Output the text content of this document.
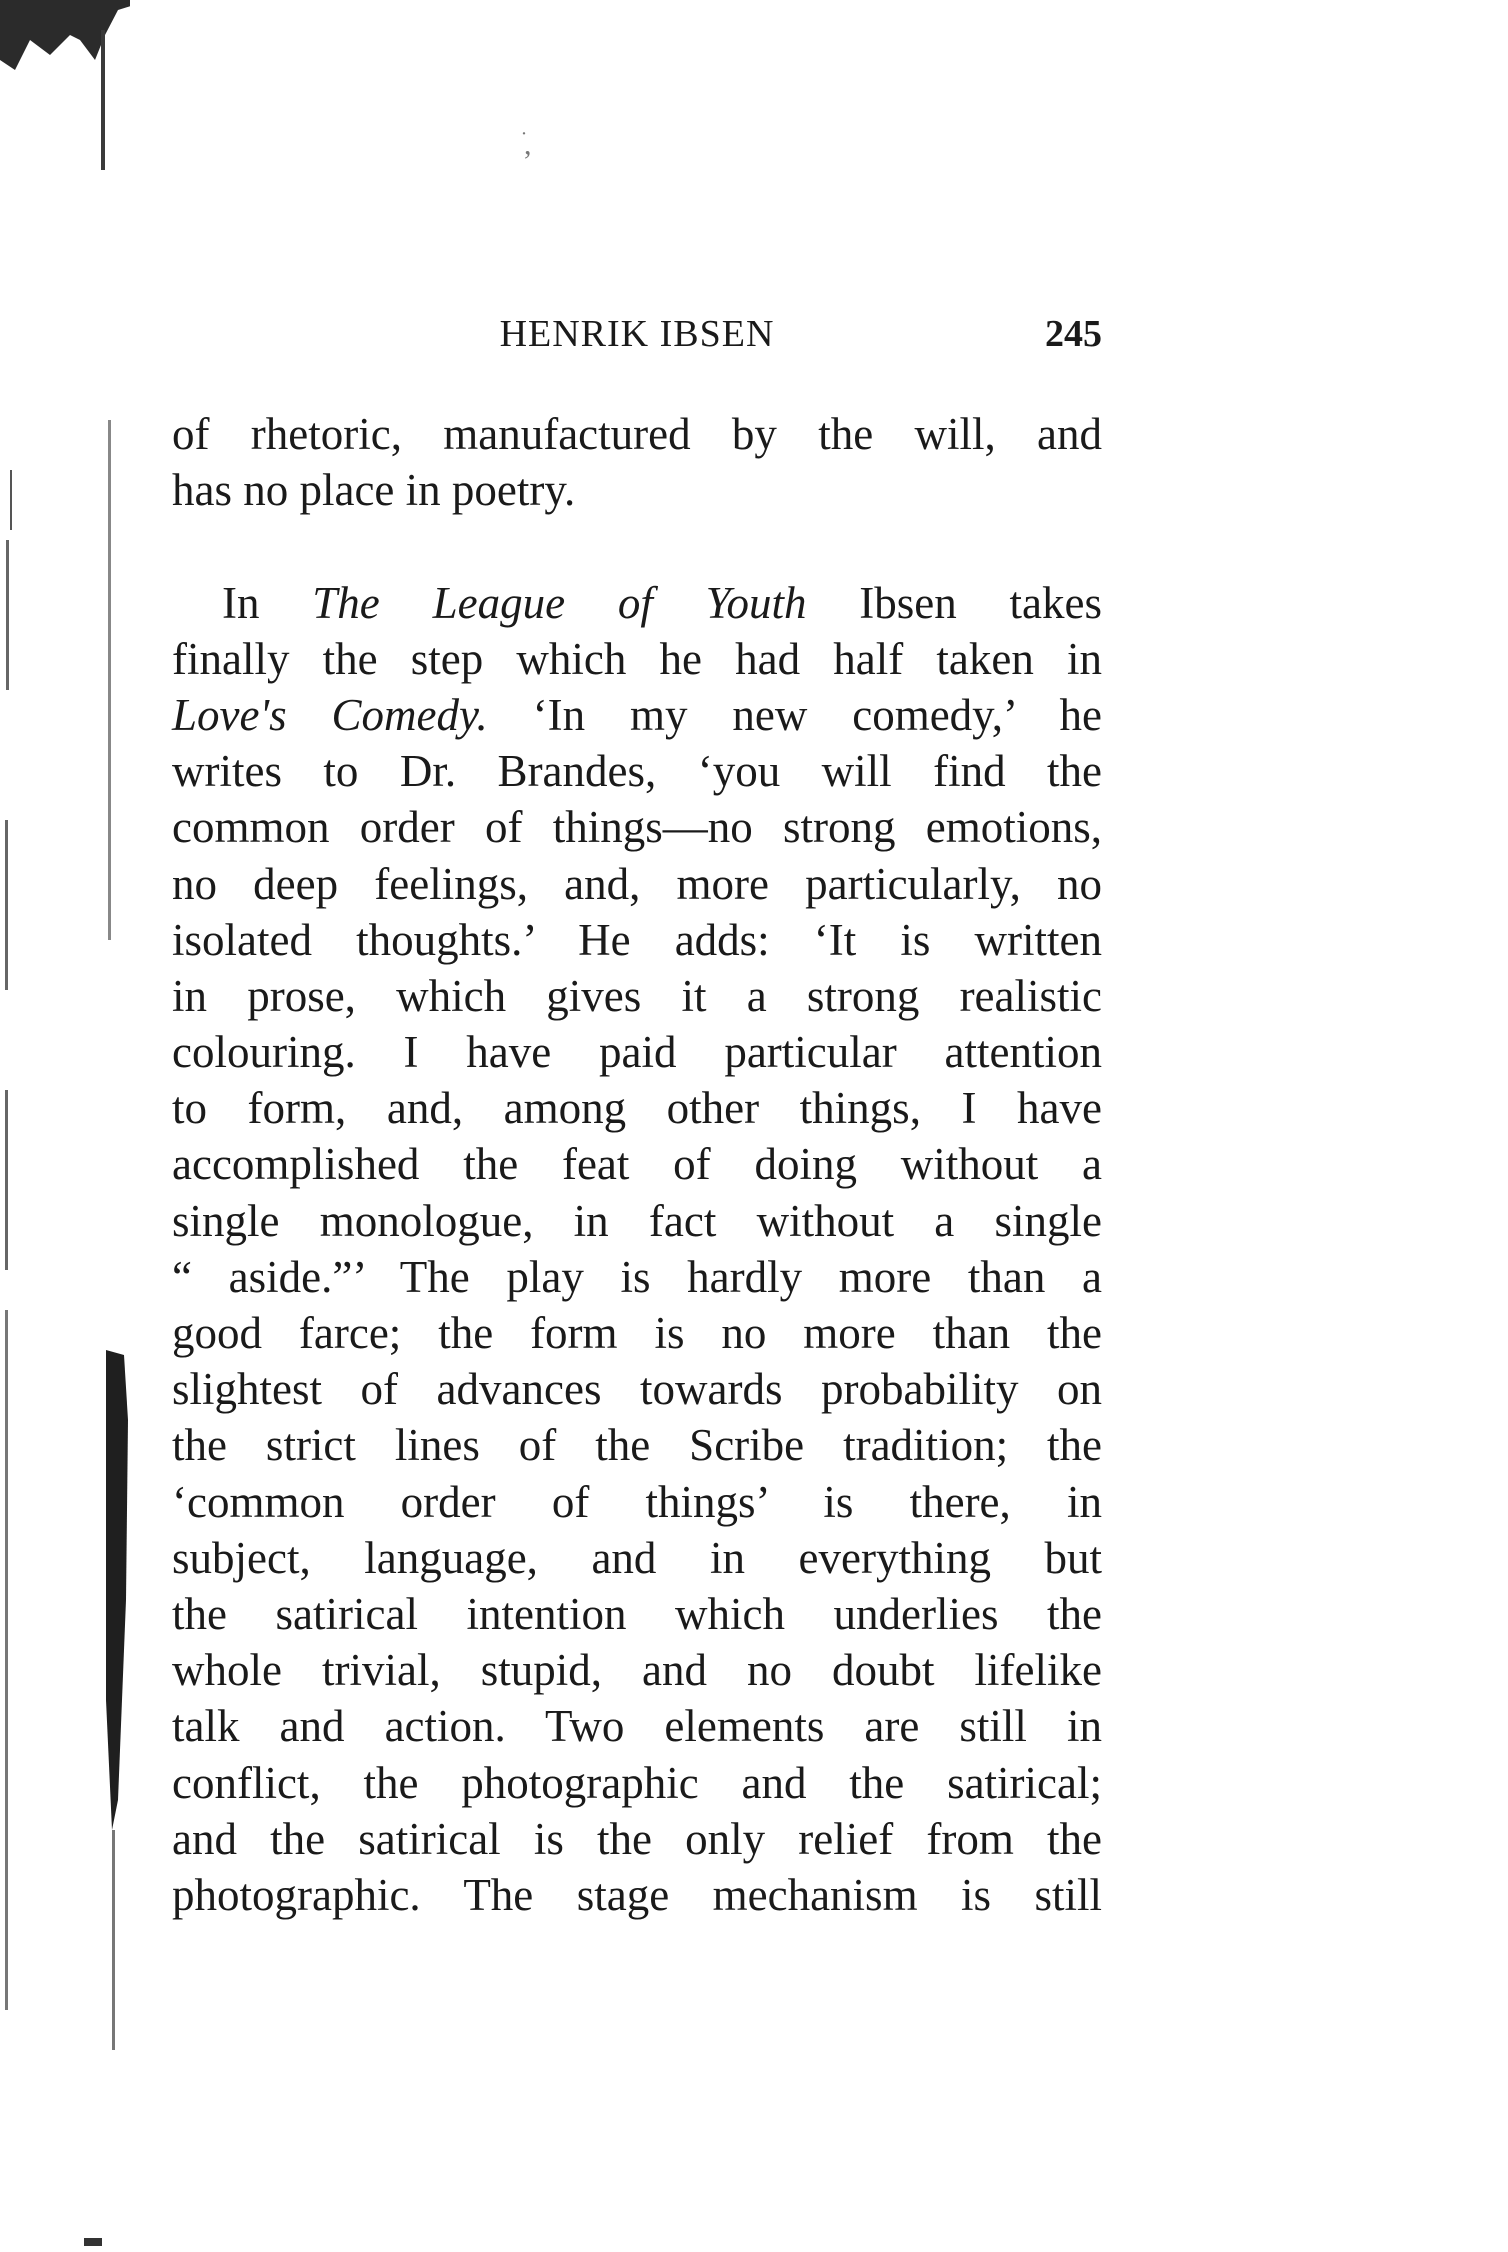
ׁ,
HENRIK IBSEN	245
of rhetoric, manufactured by the will, and
has no place in poetry.
In The League of Youth Ibsen takes
finally the step which he had half taken in
Love's Comedy. ‘In my new comedy,’ he
writes to Dr. Brandes, ‘you will find the
common order of things—no strong emotions,
no deep feelings, and, more particularly, no
isolated thoughts.’ He adds: ‘It is written
in prose, which gives it a strong realistic
colouring. I have paid particular attention
to form, and, among other things, I have
accomplished the feat of doing without a
single monologue, in fact without a single
“ aside.”’ The play is hardly more than a
good farce; the form is no more than the
slightest of advances towards probability on
the strict lines of the Scribe tradition; the
‘common order of things’ is there, in
subject, language, and in everything but
the satirical intention which underlies the
whole trivial, stupid, and no doubt lifelike
talk and action. Two elements are still in
conflict, the photographic and the satirical;
and the satirical is the only relief from the
photographic. The stage mechanism is still
